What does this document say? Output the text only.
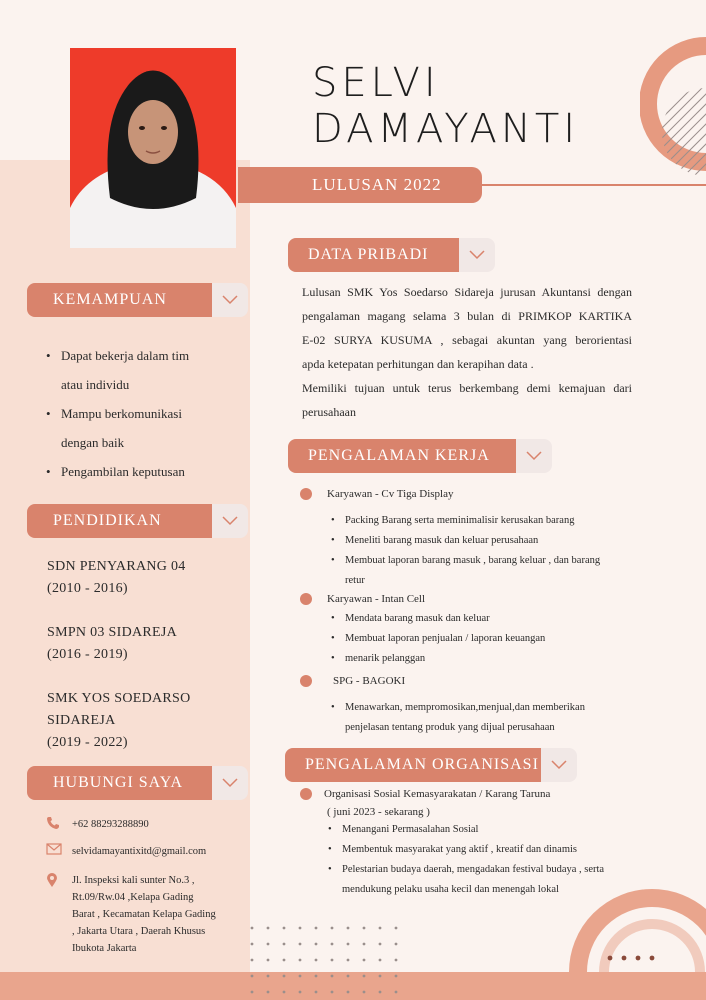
SELVI
DAMAYANTI
LULUSAN 2022
DATA PRIBADI
Lulusan SMK Yos Soedarso Sidareja jurusan Akuntansi dengan
pengalaman magang selama 3 bulan di PRIMKOP KARTIKA
E-02 SURYA KUSUMA , sebagai akuntan yang berorientasi
apda ketepatan perhitungan dan kerapihan data .
Memiliki tujuan untuk terus berkembang demi kemajuan dari
perusahaan
KEMAMPUAN
• Dapat bekerja dalam tim
atau individu
• Mampu berkomunikasi
dengan baik
• Pengambilan keputusan
PENDIDIKAN
SDN PENYARANG 04
(2010 - 2016)
SMPN 03 SIDAREJA
(2016 - 2019)
SMK YOS SOEDARSO
SIDAREJA
(2019 - 2022)
HUBUNGI SAYA
+62 88293288890
selvidamayantixitd@gmail.com
Jl. Inspeksi kali sunter No.3 ,
Rt.09/Rw.04 ,Kelapa Gading
Barat , Kecamatan Kelapa Gading
, Jakarta Utara , Daerah Khusus
Ibukota Jakarta
PENGALAMAN KERJA
Karyawan - Cv Tiga Display
• Packing Barang serta meminimalisir kerusakan barang
• Meneliti barang masuk dan keluar perusahaan
• Membuat laporan barang masuk , barang keluar , dan barang
retur
Karyawan - Intan Cell
• Mendata barang masuk dan keluar
• Membuat laporan penjualan / laporan keuangan
• menarik pelanggan
SPG - BAGOKI
• Menawarkan, mempromosikan,menjual,dan memberikan
penjelasan tentang produk yang dijual perusahaan
PENGALAMAN ORGANISASI
Organisasi Sosial Kemasyarakatan / Karang Taruna
( juni 2023 - sekarang )
• Menangani Permasalahan Sosial
• Membentuk masyarakat yang aktif , kreatif dan dinamis
• Pelestarian budaya daerah, mengadakan festival budaya , serta
mendukung pelaku usaha kecil dan menengah lokal
